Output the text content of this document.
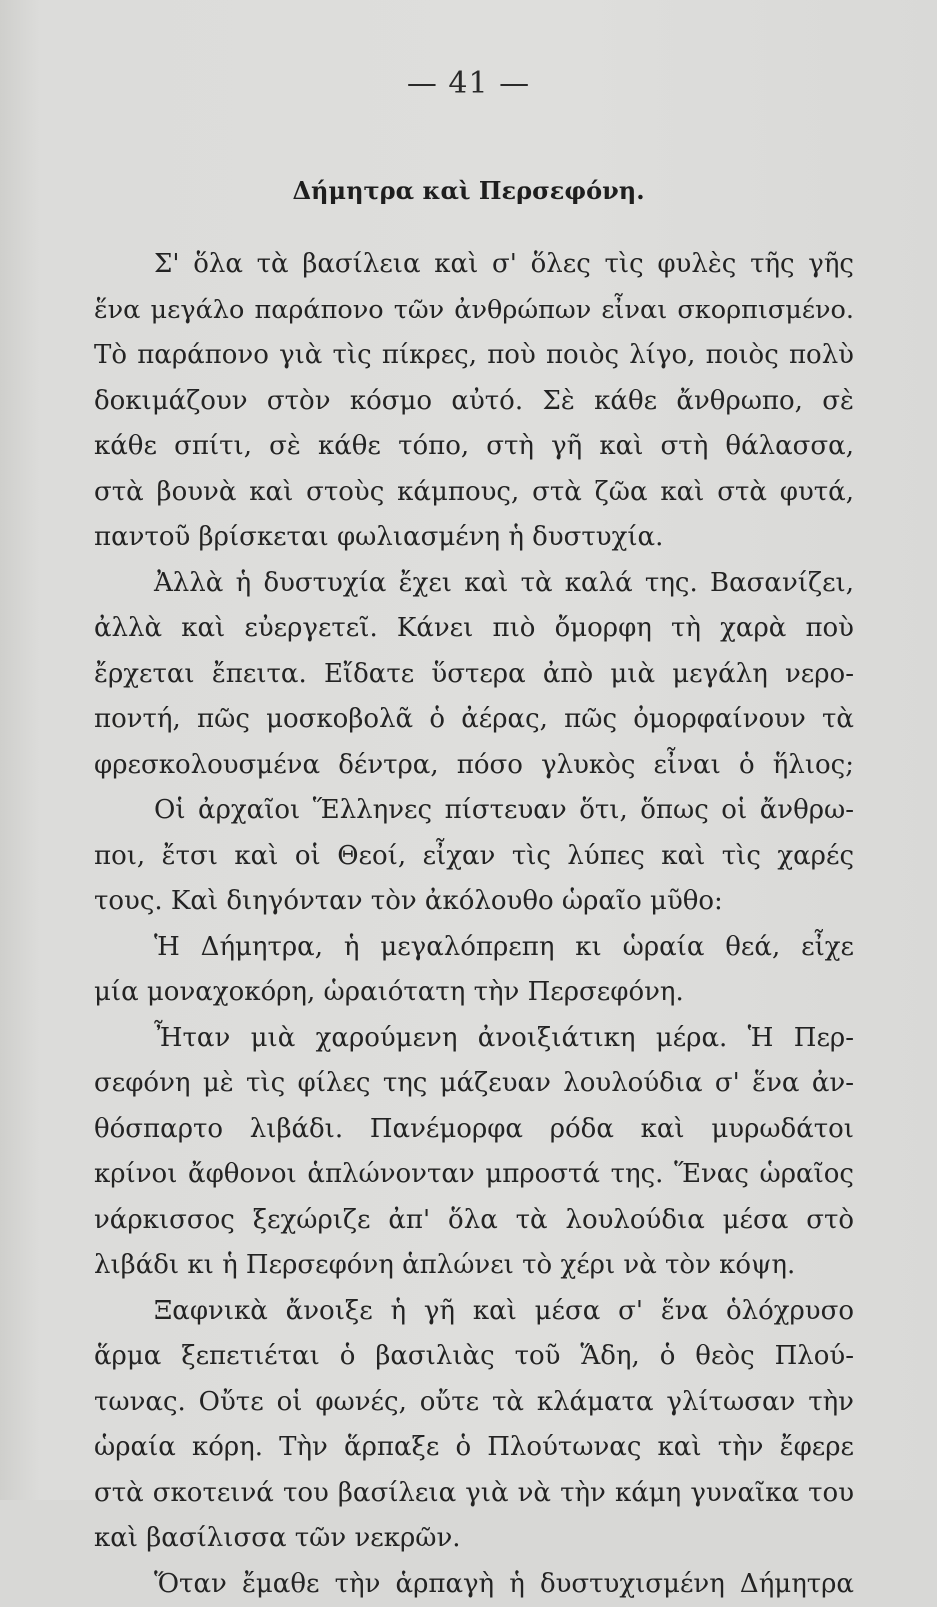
— 41 —
Δήμητρα καὶ Περσεφόνη.
Σ' ὅλα τὰ βασίλεια καὶ σ' ὅλες τὶς φυλὲς τῆς γῆς
ἕνα μεγάλο παράπονο τῶν ἀνθρώπων εἶναι σκορπισμένο.
Τὸ παράπονο γιὰ τὶς πίκρες, ποὺ ποιὸς λίγο, ποιὸς πολὺ
δοκιμάζουν στὸν κόσμο αὐτό. Σὲ κάθε ἄνθρωπο, σὲ
κάθε σπίτι, σὲ κάθε τόπο, στὴ γῆ καὶ στὴ θάλασσα,
στὰ βουνὰ καὶ στοὺς κάμπους, στὰ ζῶα καὶ στὰ φυτά,
παντοῦ βρίσκεται φωλιασμένη ἡ δυστυχία.
Ἀλλὰ ἡ δυστυχία ἔχει καὶ τὰ καλά της. Βασανίζει,
ἀλλὰ καὶ εὐεργετεῖ. Κάνει πιὸ ὄμορφη τὴ χαρὰ ποὺ
ἔρχεται ἔπειτα. Εἴδατε ὕστερα ἀπὸ μιὰ μεγάλη νερο-
ποντή, πῶς μοσκοβολᾶ ὁ ἀέρας, πῶς ὀμορφαίνουν τὰ
φρεσκολουσμένα δέντρα, πόσο γλυκὸς εἶναι ὁ ἥλιος;
Οἱ ἀρχαῖοι Ἕλληνες πίστευαν ὅτι, ὅπως οἱ ἄνθρω-
ποι, ἔτσι καὶ οἱ Θεοί, εἶχαν τὶς λύπες καὶ τὶς χαρές
τους. Καὶ διηγόνταν τὸν ἀκόλουθο ὡραῖο μῦθο:
Ἡ Δήμητρα, ἡ μεγαλόπρεπη κι ὡραία θεά, εἶχε
μία μοναχοκόρη, ὡραιότατη τὴν Περσεφόνη.
Ἦταν μιὰ χαρούμενη ἀνοιξιάτικη μέρα. Ἡ Περ-
σεφόνη μὲ τὶς φίλες της μάζευαν λουλούδια σ' ἕνα ἀν-
θόσπαρτο λιβάδι. Πανέμορφα ρόδα καὶ μυρωδάτοι
κρίνοι ἄφθονοι ἁπλώνονταν μπροστά της. Ἕνας ὡραῖος
νάρκισσος ξεχώριζε ἀπ' ὅλα τὰ λουλούδια μέσα στὸ
λιβάδι κι ἡ Περσεφόνη ἁπλώνει τὸ χέρι νὰ τὸν κόψη.
Ξαφνικὰ ἄνοιξε ἡ γῆ καὶ μέσα σ' ἕνα ὁλόχρυσο
ἅρμα ξεπετιέται ὁ βασιλιὰς τοῦ Ἅδη, ὁ θεὸς Πλού-
τωνας. Οὔτε οἱ φωνές, οὔτε τὰ κλάματα γλίτωσαν τὴν
ὡραία κόρη. Τὴν ἅρπαξε ὁ Πλούτωνας καὶ τὴν ἔφερε
στὰ σκοτεινά του βασίλεια γιὰ νὰ τὴν κάμη γυναῖκα του
καὶ βασίλισσα τῶν νεκρῶν.
Ὅταν ἔμαθε τὴν ἁρπαγὴ ἡ δυστυχισμένη Δήμητρα
